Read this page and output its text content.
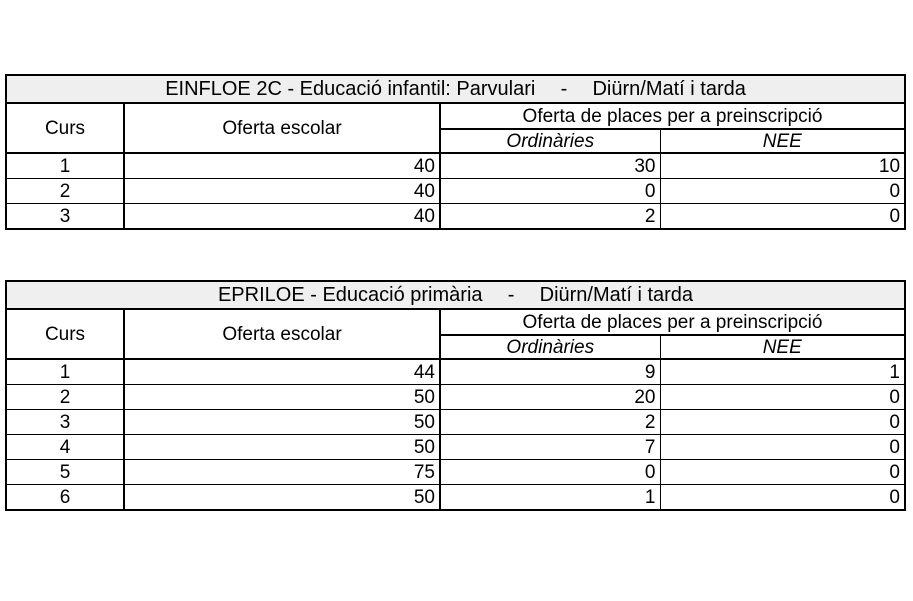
EINFLOE 2C - Educació infantil: Parvulari - Diürn/Matí i tarda			
Curs	Oferta escolar	Oferta de places per a preinscripció	
		Ordinàries	NEE
1	40	30	10
2	40	0	0
3	40	2	0
EPRILOE - Educació primària - Diürn/Matí i tarda			
Curs	Oferta escolar	Oferta de places per a preinscripció	
		Ordinàries	NEE
1	44	9	1
2	50	20	0
3	50	2	0
4	50	7	0
5	75	0	0
6	50	1	0
